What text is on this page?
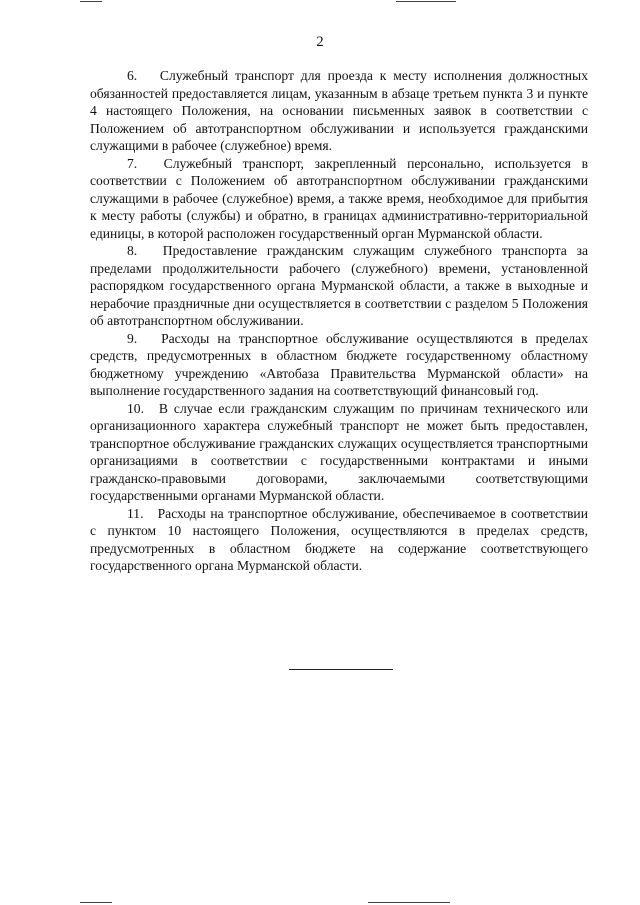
2

6. Служебный транспорт для проезда к месту исполнения должностных обязанностей предоставляется лицам, указанным в абзаце третьем пункта 3 и пункте 4 настоящего Положения, на основании письменных заявок в соответствии с Положением об автотранспортном обслуживании и используется гражданскими служащими в рабочее (служебное) время.

7. Служебный транспорт, закрепленный персонально, используется в соответствии с Положением об автотранспортном обслуживании гражданскими служащими в рабочее (служебное) время, а также время, необходимое для прибытия к месту работы (службы) и обратно, в границах административно-территориальной единицы, в которой расположен государственный орган Мурманской области.

8. Предоставление гражданским служащим служебного транспорта за пределами продолжительности рабочего (служебного) времени, установленной распорядком государственного органа Мурманской области, а также в выходные и нерабочие праздничные дни осуществляется в соответствии с разделом 5 Положения об автотранспортном обслуживании.

9. Расходы на транспортное обслуживание осуществляются в пределах средств, предусмотренных в областном бюджете государственному областному бюджетному учреждению «Автобаза Правительства Мурманской области» на выполнение государственного задания на соответствующий финансовый год.

10. В случае если гражданским служащим по причинам технического или организационного характера служебный транспорт не может быть предоставлен, транспортное обслуживание гражданских служащих осуществляется транспортными организациями в соответствии с государственными контрактами и иными гражданско-правовыми договорами, заключаемыми соответствующими государственными органами Мурманской области.

11. Расходы на транспортное обслуживание, обеспечиваемое в соответствии с пунктом 10 настоящего Положения, осуществляются в пределах средств, предусмотренных в областном бюджете на содержание соответствующего государственного органа Мурманской области.
